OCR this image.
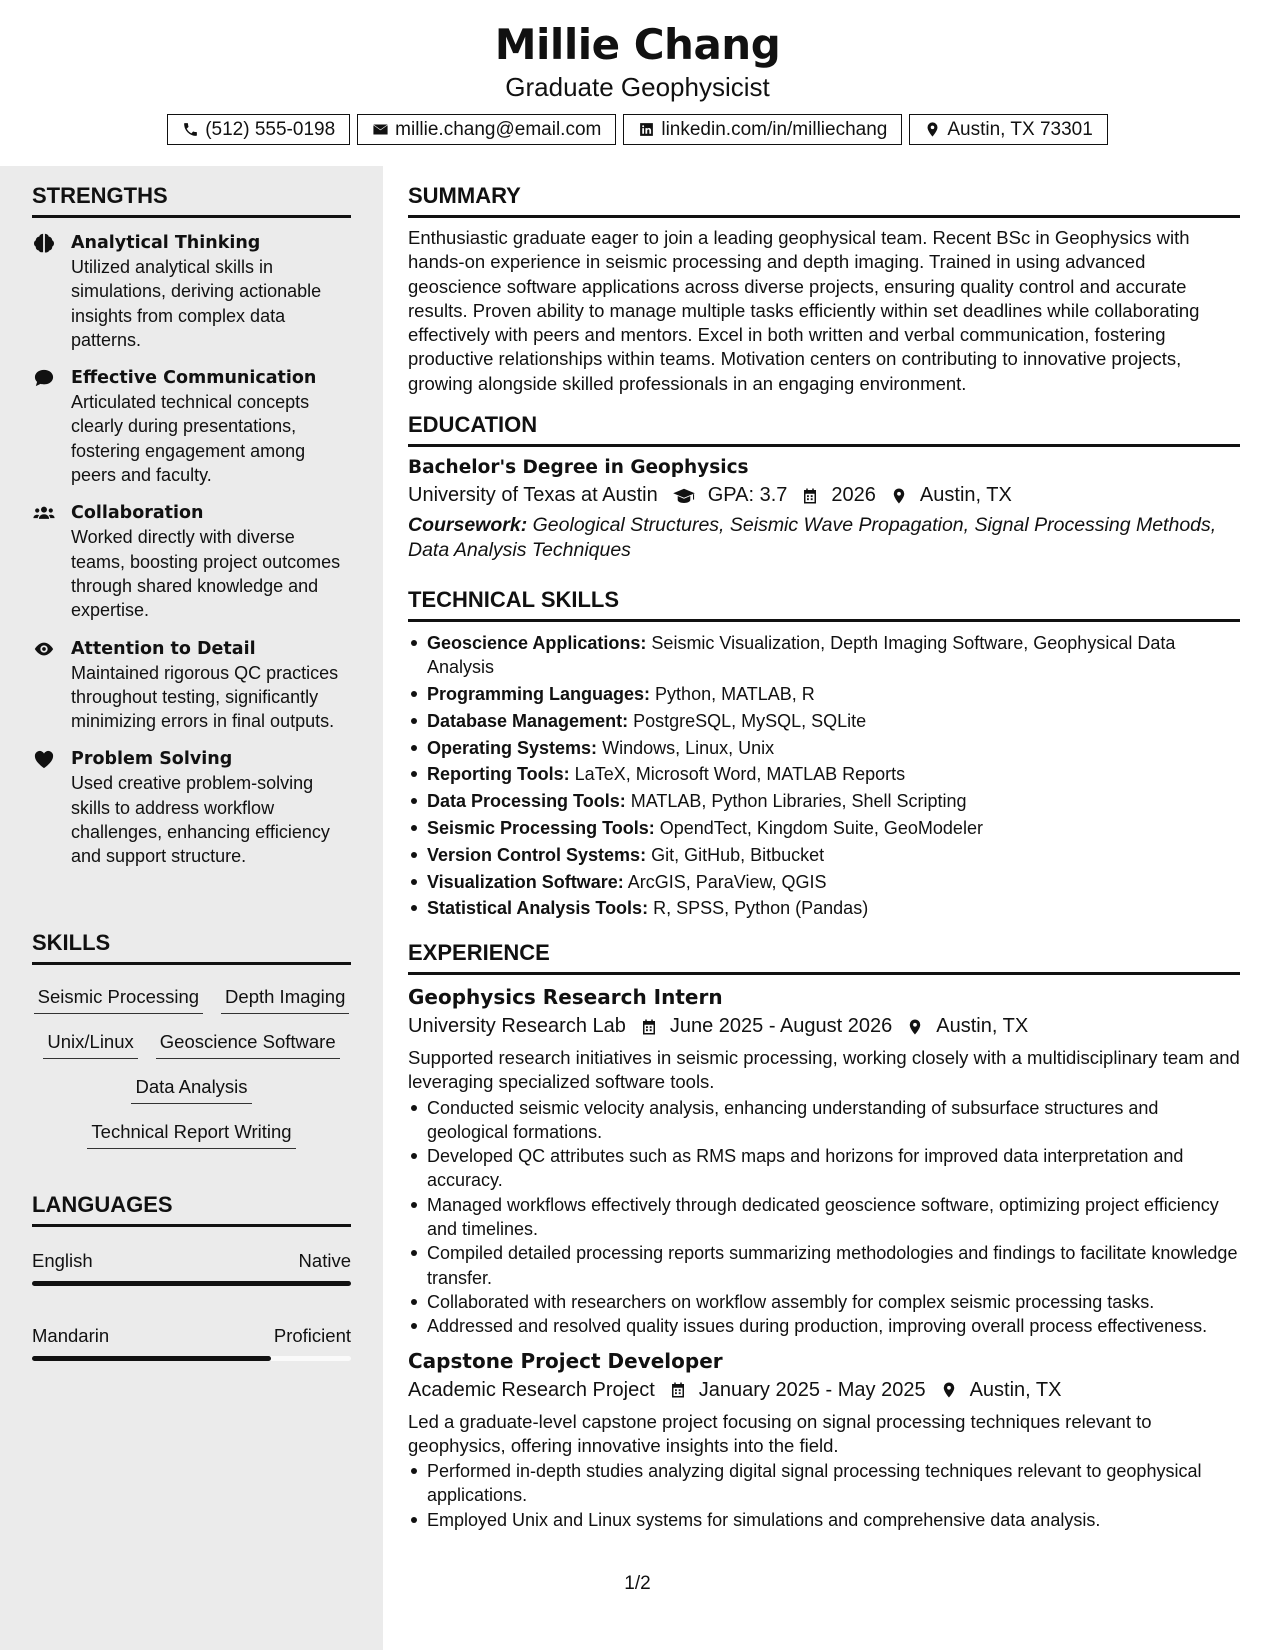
Millie Chang
Graduate Geophysicist
(512) 555-0198	millie.chang@email.com	linkedin.com/in/milliechang	Austin, TX 73301
STRENGTHS
Analytical Thinking
Utilized analytical skills in simulations, deriving actionable insights from complex data patterns.
Effective Communication
Articulated technical concepts clearly during presentations, fostering engagement among peers and faculty.
Collaboration
Worked directly with diverse teams, boosting project outcomes through shared knowledge and expertise.
Attention to Detail
Maintained rigorous QC practices throughout testing, significantly minimizing errors in final outputs.
Problem Solving
Used creative problem-solving skills to address workflow challenges, enhancing efficiency and support structure.
SKILLS
Seismic Processing Depth Imaging
Unix/Linux Geoscience Software
Data Analysis
Technical Report Writing
LANGUAGES
English	Native
Mandarin	Proficient
SUMMARY
Enthusiastic graduate eager to join a leading geophysical team. Recent BSc in Geophysics with hands-on experience in seismic processing and depth imaging. Trained in using advanced geoscience software applications across diverse projects, ensuring quality control and accurate results. Proven ability to manage multiple tasks efficiently within set deadlines while collaborating effectively with peers and mentors. Excel in both written and verbal communication, fostering productive relationships within teams. Motivation centers on contributing to innovative projects, growing alongside skilled professionals in an engaging environment.
EDUCATION
Bachelor's Degree in Geophysics
University of Texas at Austin	GPA: 3.7 2026 Austin, TX
Coursework: Geological Structures, Seismic Wave Propagation, Signal Processing Methods, Data Analysis Techniques
TECHNICAL SKILLS
Geoscience Applications: Seismic Visualization, Depth Imaging Software, Geophysical Data Analysis
Programming Languages: Python, MATLAB, R
Database Management: PostgreSQL, MySQL, SQLite
Operating Systems: Windows, Linux, Unix
Reporting Tools: LaTeX, Microsoft Word, MATLAB Reports
Data Processing Tools: MATLAB, Python Libraries, Shell Scripting
Seismic Processing Tools: OpendTect, Kingdom Suite, GeoModeler
Version Control Systems: Git, GitHub, Bitbucket
Visualization Software: ArcGIS, ParaView, QGIS
Statistical Analysis Tools: R, SPSS, Python (Pandas)
EXPERIENCE
Geophysics Research Intern
University Research Lab June 2025 - August 2026 Austin, TX
Supported research initiatives in seismic processing, working closely with a multidisciplinary team and leveraging specialized software tools.
Conducted seismic velocity analysis, enhancing understanding of subsurface structures and geological formations.
Developed QC attributes such as RMS maps and horizons for improved data interpretation and accuracy.
Managed workflows effectively through dedicated geoscience software, optimizing project efficiency and timelines.
Compiled detailed processing reports summarizing methodologies and findings to facilitate knowledge transfer.
Collaborated with researchers on workflow assembly for complex seismic processing tasks.
Addressed and resolved quality issues during production, improving overall process effectiveness.
Capstone Project Developer
Academic Research Project January 2025 - May 2025 Austin, TX
Led a graduate-level capstone project focusing on signal processing techniques relevant to geophysics, offering innovative insights into the field.
Performed in-depth studies analyzing digital signal processing techniques relevant to geophysical applications.
Employed Unix and Linux systems for simulations and comprehensive data analysis.
1/2
